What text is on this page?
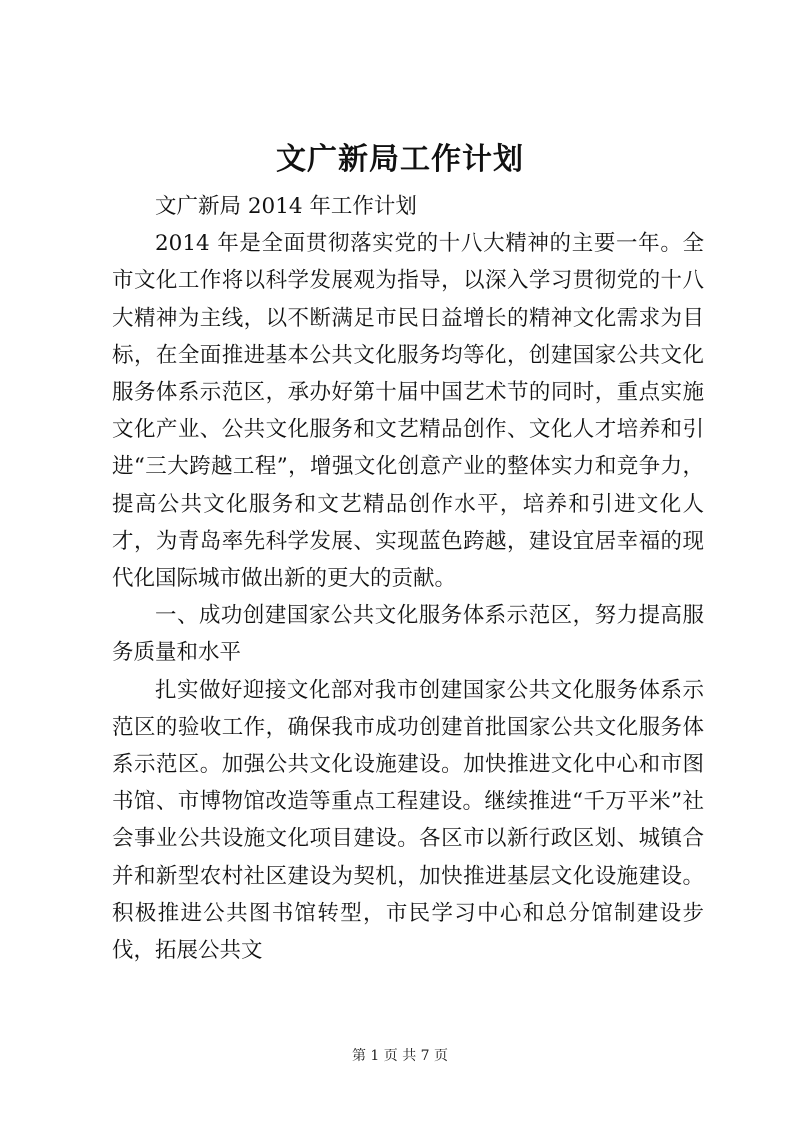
文广新局工作计划

文广新局 2014 年工作计划

2014 年是全面贯彻落实党的十八大精神的主要一年。全市文化工作将以科学发展观为指导，以深入学习贯彻党的十八大精神为主线，以不断满足市民日益增长的精神文化需求为目标，在全面推进基本公共文化服务均等化，创建国家公共文化服务体系示范区，承办好第十届中国艺术节的同时，重点实施文化产业、公共文化服务和文艺精品创作、文化人才培养和引进“三大跨越工程”，增强文化创意产业的整体实力和竞争力，提高公共文化服务和文艺精品创作水平，培养和引进文化人才，为青岛率先科学发展、实现蓝色跨越，建设宜居幸福的现代化国际城市做出新的更大的贡献。

一、成功创建国家公共文化服务体系示范区，努力提高服务质量和水平

扎实做好迎接文化部对我市创建国家公共文化服务体系示范区的验收工作，确保我市成功创建首批国家公共文化服务体系示范区。加强公共文化设施建设。加快推进文化中心和市图书馆、市博物馆改造等重点工程建设。继续推进“千万平米”社会事业公共设施文化项目建设。各区市以新行政区划、城镇合并和新型农村社区建设为契机，加快推进基层文化设施建设。积极推进公共图书馆转型，市民学习中心和总分馆制建设步伐，拓展公共文

第 1 页 共 7 页
